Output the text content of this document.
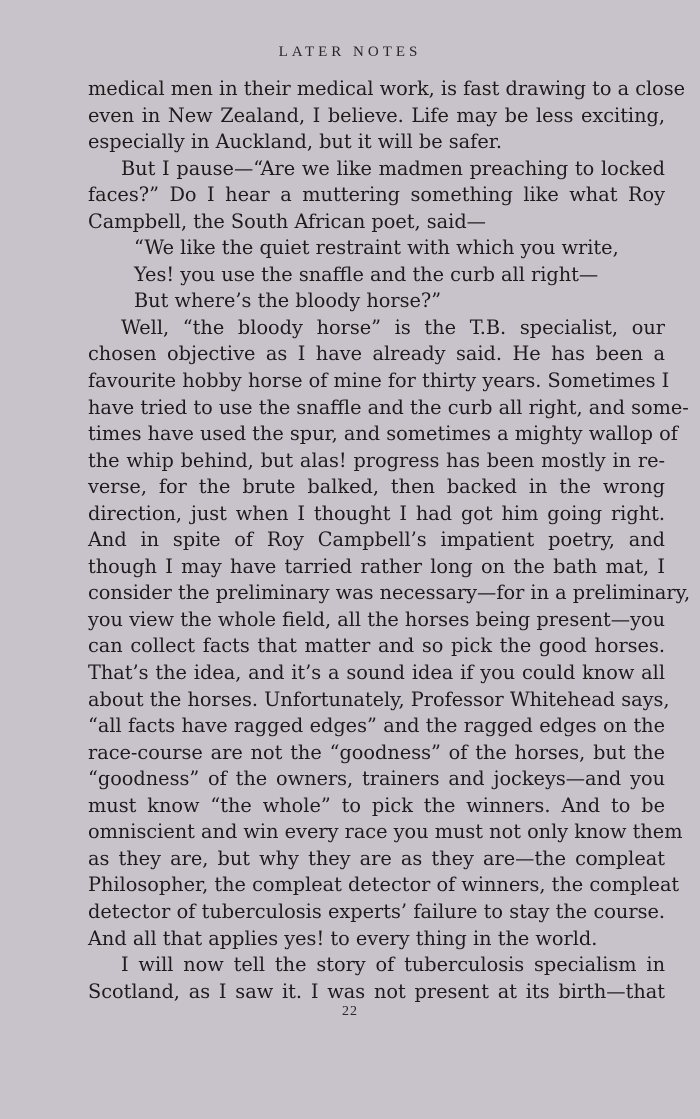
LATER NOTES
medical men in their medical work, is fast drawing to a close
even in New Zealand, I believe. Life may be less exciting,
especially in Auckland, but it will be safer.
But I pause—“Are we like madmen preaching to locked
faces?” Do I hear a muttering something like what Roy
Campbell, the South African poet, said—
“We like the quiet restraint with which you write,
Yes! you use the snaffle and the curb all right—
But where’s the bloody horse?”
Well, “the bloody horse” is the T.B. specialist, our
chosen objective as I have already said. He has been a
favourite hobby horse of mine for thirty years. Sometimes I
have tried to use the snaffle and the curb all right, and some-
times have used the spur, and sometimes a mighty wallop of
the whip behind, but alas! progress has been mostly in re-
verse, for the brute balked, then backed in the wrong
direction, just when I thought I had got him going right.
And in spite of Roy Campbell’s impatient poetry, and
though I may have tarried rather long on the bath mat, I
consider the preliminary was necessary—for in a preliminary,
you view the whole field, all the horses being present—you
can collect facts that matter and so pick the good horses.
That’s the idea, and it’s a sound idea if you could know all
about the horses. Unfortunately, Professor Whitehead says,
“all facts have ragged edges” and the ragged edges on the
race-course are not the “goodness” of the horses, but the
“goodness” of the owners, trainers and jockeys—and you
must know “the whole” to pick the winners. And to be
omniscient and win every race you must not only know them
as they are, but why they are as they are—the compleat
Philosopher, the compleat detector of winners, the compleat
detector of tuberculosis experts’ failure to stay the course.
And all that applies yes! to every thing in the world.
I will now tell the story of tuberculosis specialism in
Scotland, as I saw it. I was not present at its birth—that
22
